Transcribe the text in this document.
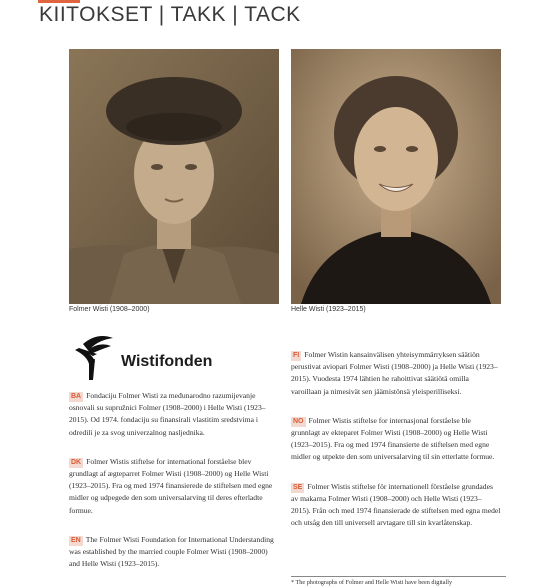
KIITOKSET | TAKK | TACK
Folmer Wisti (1908–2000)	Helle Wisti (1923–2015)
Wistifonden

BA Fondaciju Folmer Wisti za međunarodno razumijevanje osnovali su supružnici Folmer (1908–2000) i Helle Wisti (1923–2015). Od 1974. fondaciju su finansirali vlastitim sredstvima i odredili je za svog univerzalnog nasljednika.

DK Folmer Wistis stiftelse for international forståelse blev grundlagt af ægteparret Folmer Wisti (1908–2000) og Helle Wisti (1923–2015). Fra og med 1974 finansierede de stiftelsen med egne midler og udpegede den som universalarving til deres efterladte formue.

EN The Folmer Wisti Foundation for International Understanding was established by the married couple Folmer Wisti (1908–2000) and Helle Wisti (1923–2015).

FI Folmer Wistin kansainvälisen yhteisymmärryksen säätiön perustivat aviopari Folmer Wisti (1908–2000) ja Helle Wisti (1923–2015). Vuodesta 1974 lähtien he rahoittivat säätiötä omilla varoillaan ja nimesivät sen jäämistönsä yleisperilliseksi.

NO Folmer Wistis stiftelse for internasjonal forståelse ble grunnlagt av ekteparet Folmer Wisti (1908–2000) og Helle Wisti (1923–2015). Fra og med 1974 finansierte de stiftelsen med egne midler og utpekte den som universalarving til sin etterlatte formue.

SE Folmer Wistis stiftelse för internationell förståelse grundades av makarna Folmer Wisti (1908–2000) och Helle Wisti (1923–2015). Från och med 1974 finansierade de stiftelsen med egna medel och utsåg den till universell arvtagare till sin kvarlåtenskap.

* The photographs of Folmer and Helle Wisti have been digitally
